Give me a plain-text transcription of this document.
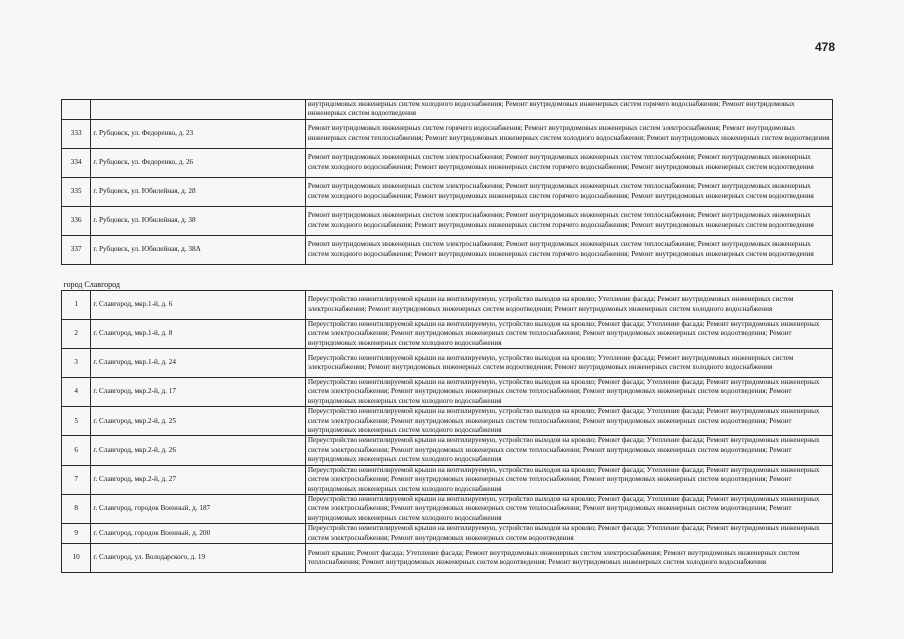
478
		внутридомовых инженерных систем холодного водоснабжения; Ремонт внутридомовых инженерных систем горячего водоснабжения; Ремонт внутридомовых инженерных систем водоотведения
333	г. Рубцовск, ул. Федоренко, д. 23	Ремонт внутридомовых инженерных систем горячего водоснабжения; Ремонт внутридомовых инженерных систем электроснабжения; Ремонт внутридомовых инженерных систем теплоснабжения; Ремонт внутридомовых инженерных систем холодного водоснабжения; Ремонт внутридомовых инженерных систем водоотведения
334	г. Рубцовск, ул. Федоренко, д. 26	Ремонт внутридомовых инженерных систем электроснабжения; Ремонт внутридомовых инженерных систем теплоснабжения; Ремонт внутридомовых инженерных систем холодного водоснабжения; Ремонт внутридомовых инженерных систем горячего водоснабжения; Ремонт внутридомовых инженерных систем водоотведения
335	г. Рубцовск, ул. Юбилейная, д. 28	Ремонт внутридомовых инженерных систем электроснабжения; Ремонт внутридомовых инженерных систем теплоснабжения; Ремонт внутридомовых инженерных систем холодного водоснабжения; Ремонт внутридомовых инженерных систем горячего водоснабжения; Ремонт внутридомовых инженерных систем водоотведения
336	г. Рубцовск, ул. Юбилейная, д. 38	Ремонт внутридомовых инженерных систем электроснабжения; Ремонт внутридомовых инженерных систем теплоснабжения; Ремонт внутридомовых инженерных систем холодного водоснабжения; Ремонт внутридомовых инженерных систем горячего водоснабжения; Ремонт внутридомовых инженерных систем водоотведения
337	г. Рубцовск, ул. Юбилейная, д. 38А	Ремонт внутридомовых инженерных систем электроснабжения; Ремонт внутридомовых инженерных систем теплоснабжения; Ремонт внутридомовых инженерных систем холодного водоснабжения; Ремонт внутридомовых инженерных систем горячего водоснабжения; Ремонт внутридомовых инженерных систем водоотведения
город Славгород		
1	г. Славгород, мкр.1-й, д. 6	Переустройство невентилируемой крыши на вентилируемую, устройство выходов на кровлю; Утепление фасада; Ремонт внутридомовых инженерных систем электроснабжения; Ремонт внутридомовых инженерных систем водоотведения; Ремонт внутридомовых инженерных систем холодного водоснабжения
2	г. Славгород, мкр.1-й, д. 8	Переустройство невентилируемой крыши на вентилируемую, устройство выходов на кровлю; Ремонт фасада; Утепление фасада; Ремонт внутридомовых инженерных систем электроснабжения; Ремонт внутридомовых инженерных систем теплоснабжения; Ремонт внутридомовых инженерных систем водоотведения; Ремонт внутридомовых инженерных систем холодного водоснабжения
3	г. Славгород, мкр.1-й, д. 24	Переустройство невентилируемой крыши на вентилируемую, устройство выходов на кровлю; Утепление фасада; Ремонт внутридомовых инженерных систем электроснабжения; Ремонт внутридомовых инженерных систем водоотведения; Ремонт внутридомовых инженерных систем холодного водоснабжения
4	г. Славгород, мкр.2-й, д. 17	Переустройство невентилируемой крыши на вентилируемую, устройство выходов на кровлю; Ремонт фасада; Утепление фасада; Ремонт внутридомовых инженерных систем электроснабжения; Ремонт внутридомовых инженерных систем теплоснабжения; Ремонт внутридомовых инженерных систем водоотведения; Ремонт внутридомовых инженерных систем холодного водоснабжения
5	г. Славгород, мкр.2-й, д. 25	Переустройство невентилируемой крыши на вентилируемую, устройство выходов на кровлю; Ремонт фасада; Утепление фасада; Ремонт внутридомовых инженерных систем электроснабжения; Ремонт внутридомовых инженерных систем теплоснабжения; Ремонт внутридомовых инженерных систем водоотведения; Ремонт внутридомовых инженерных систем холодного водоснабжения
6	г. Славгород, мкр.2-й, д. 26	Переустройство невентилируемой крыши на вентилируемую, устройство выходов на кровлю; Ремонт фасада; Утепление фасада; Ремонт внутридомовых инженерных систем электроснабжения; Ремонт внутридомовых инженерных систем теплоснабжения; Ремонт внутридомовых инженерных систем водоотведения; Ремонт внутридомовых инженерных систем холодного водоснабжения
7	г. Славгород, мкр.2-й, д. 27	Переустройство невентилируемой крыши на вентилируемую, устройство выходов на кровлю; Ремонт фасада; Утепление фасада; Ремонт внутридомовых инженерных систем электроснабжения; Ремонт внутридомовых инженерных систем теплоснабжения; Ремонт внутридомовых инженерных систем водоотведения; Ремонт внутридомовых инженерных систем холодного водоснабжения
8	г. Славгород, городок Военный, д. 187	Переустройство невентилируемой крыши на вентилируемую, устройство выходов на кровлю; Ремонт фасада; Утепление фасада; Ремонт внутридомовых инженерных систем электроснабжения; Ремонт внутридомовых инженерных систем теплоснабжения; Ремонт внутридомовых инженерных систем водоотведения; Ремонт внутридомовых инженерных систем холодного водоснабжения
9	г. Славгород, городок Военный, д. 200	Переустройство невентилируемой крыши на вентилируемую, устройство выходов на кровлю; Ремонт фасада; Утепление фасада; Ремонт внутридомовых инженерных систем электроснабжения; Ремонт внутридомовых инженерных систем водоотведения
10	г. Славгород, ул. Володарского, д. 19	Ремонт крыши; Ремонт фасада; Утепление фасада; Ремонт внутридомовых инженерных систем электроснабжения; Ремонт внутридомовых инженерных систем теплоснабжения; Ремонт внутридомовых инженерных систем водоотведения; Ремонт внутридомовых инженерных систем холодного водоснабжения
